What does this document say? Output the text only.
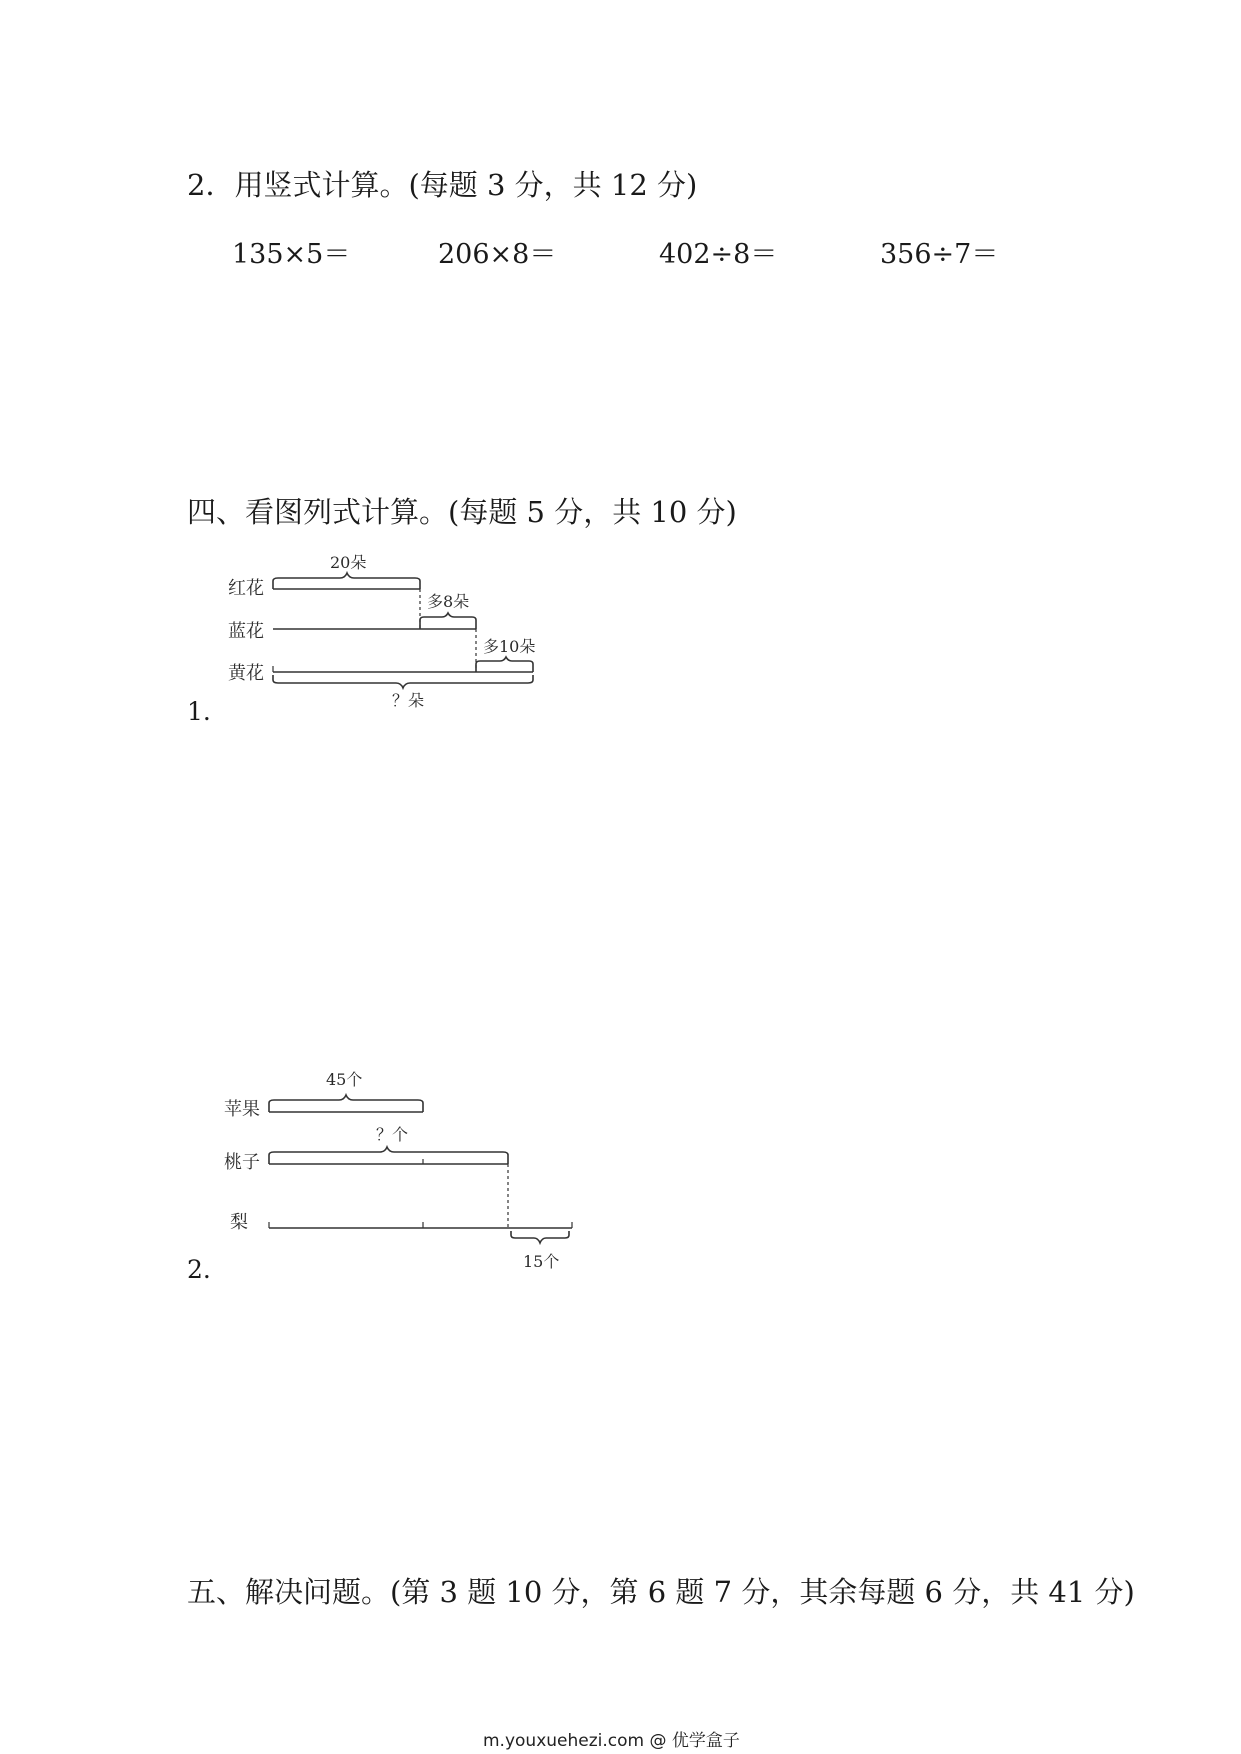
2．用竖式计算。(每题 3 分，共 12 分)
135×5＝	206×8＝	402÷8＝	356÷7＝
四、看图列式计算。(每题 5 分，共 10 分)
1.
红花
20朵
蓝花
多8朵
黄花
多10朵
？朵
2.
苹果
45个
桃子
？个
梨
15个
五、解决问题。(第 3 题 10 分，第 6 题 7 分，其余每题 6 分，共 41 分)
m.youxuehezi.com @ 优学盒子
